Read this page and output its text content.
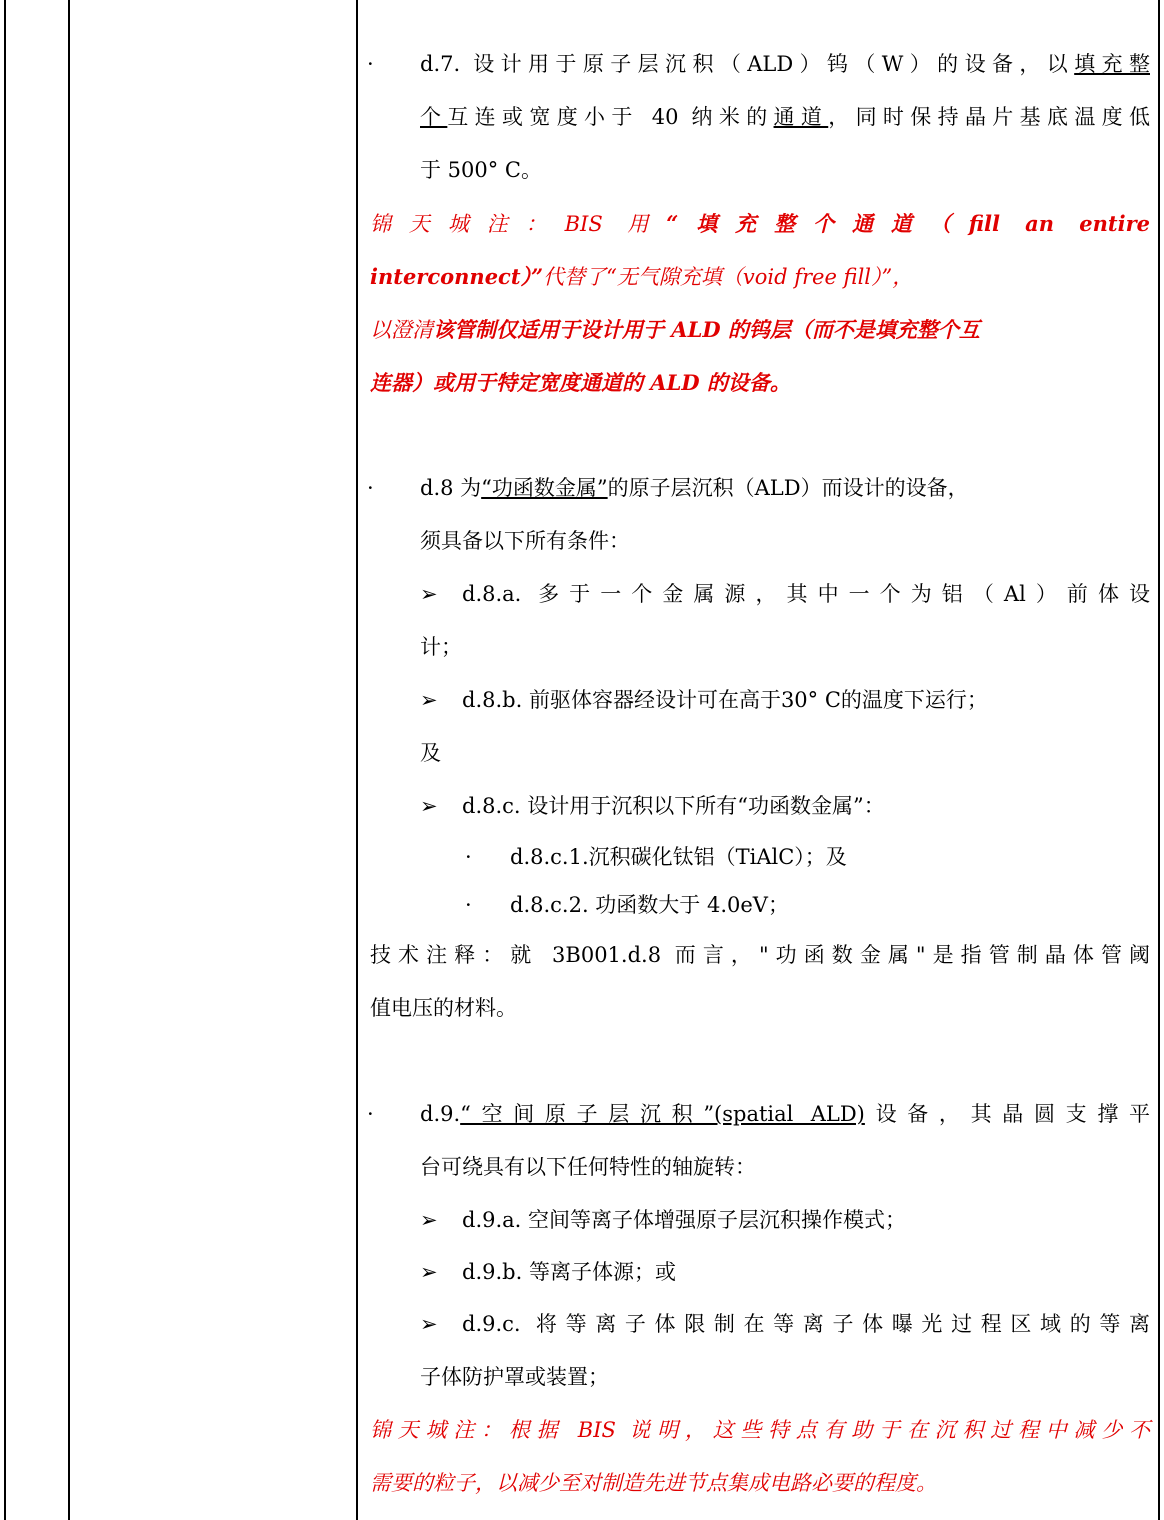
· d.7. 设计用于原子层沉积（ALD）钨（W）的设备，以填充整
个互连或宽度小于 40 纳米的通道，同时保持晶片基底温度低
于 500° C。
锦天城注：BIS 用“填充整个通道（fill an entire
interconnect）”代替了“无气隙充填（void free fill）”，
以澄清该管制仅适用于设计用于 ALD 的钨层（而不是填充整个互
连器）或用于特定宽度通道的 ALD 的设备。
· d.8 为“功函数金属”的原子层沉积（ALD）而设计的设备，
须具备以下所有条件：
➢ d.8.a. 多于一个金属源，其中一个为铝（Al）前体设
计；
➢ d.8.b. 前驱体容器经设计可在高于30° C的温度下运行；
及
➢ d.8.c. 设计用于沉积以下所有“功函数金属”：
· d.8.c.1.沉积碳化钛铝（TiAlC）；及
· d.8.c.2. 功函数大于 4.0eV；
技术注释：就 3B001.d.8 而言，"功函数金属"是指管制晶体管阈
值电压的材料。
· d.9.“空间原子层沉积”(spatial ALD)设备，其晶圆支撑平
台可绕具有以下任何特性的轴旋转：
➢ d.9.a. 空间等离子体增强原子层沉积操作模式；
➢ d.9.b. 等离子体源；或
➢ d.9.c. 将等离子体限制在等离子体曝光过程区域的等离
子体防护罩或装置；
锦天城注：根据 BIS 说明，这些特点有助于在沉积过程中减少不
需要的粒子，以减少至对制造先进节点集成电路必要的程度。
